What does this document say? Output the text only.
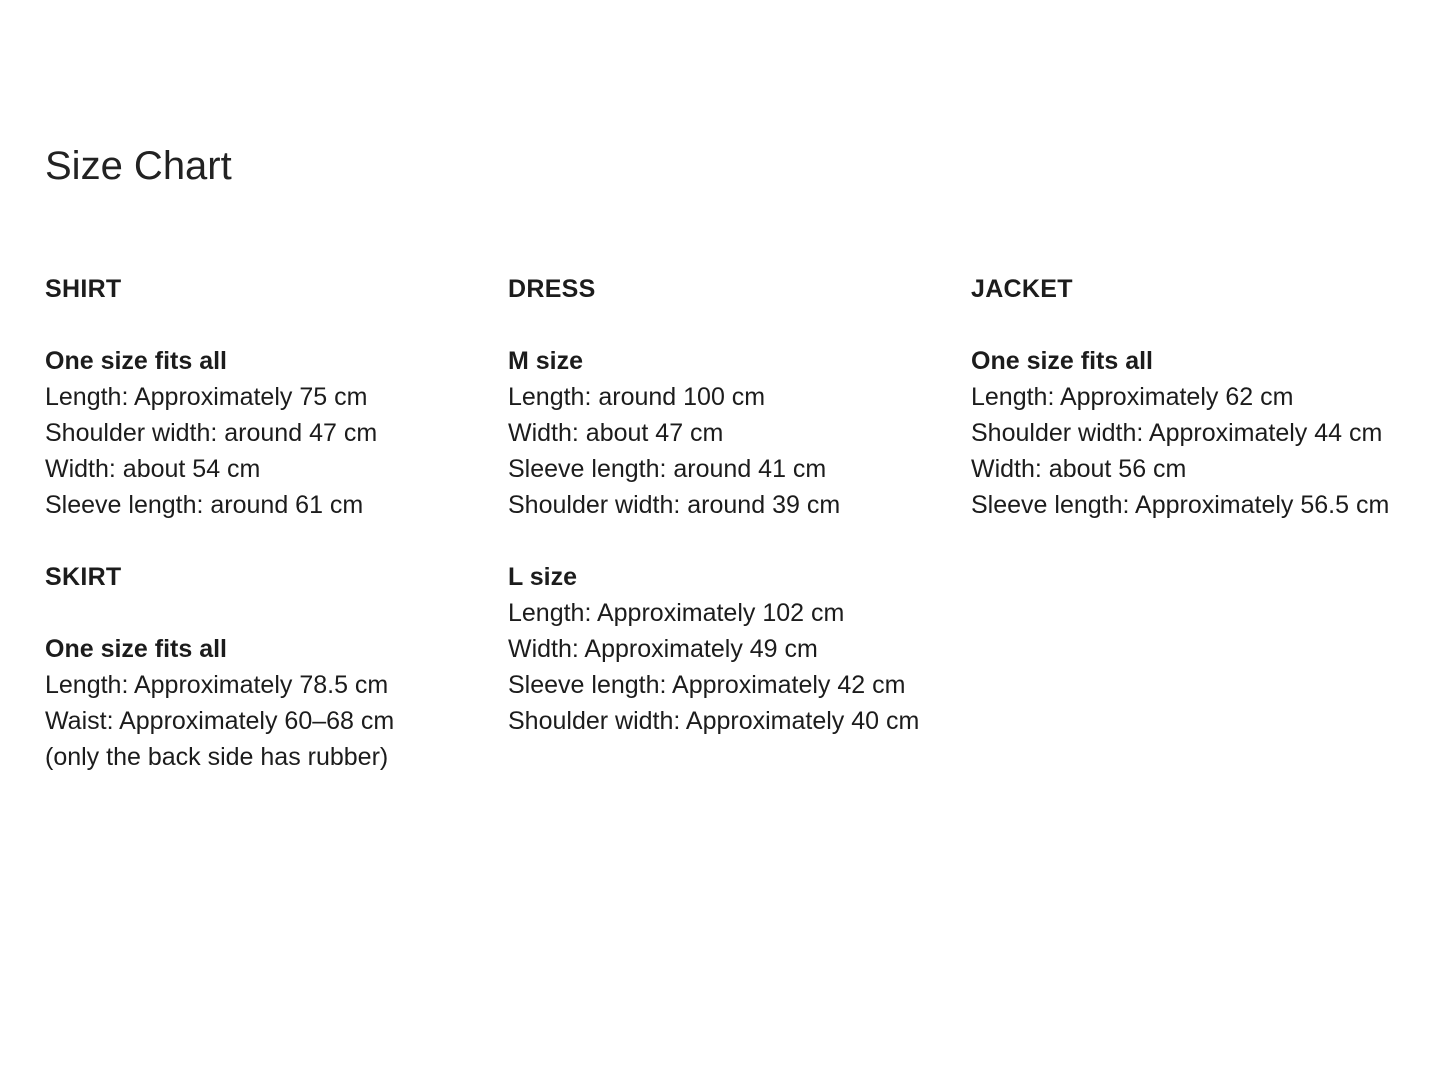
Size Chart
SHIRT
One size fits all
Length: Approximately 75 cm
Shoulder width: around 47 cm
Width: about 54 cm
Sleeve length: around 61 cm
SKIRT
One size fits all
Length: Approximately 78.5 cm
Waist: Approximately 60–68 cm
(only the back side has rubber)
DRESS
M size
Length: around 100 cm
Width: about 47 cm
Sleeve length: around 41 cm
Shoulder width: around 39 cm
L size
Length: Approximately 102 cm
Width: Approximately 49 cm
Sleeve length: Approximately 42 cm
Shoulder width: Approximately 40 cm
JACKET
One size fits all
Length: Approximately 62 cm
Shoulder width: Approximately 44 cm
Width: about 56 cm
Sleeve length: Approximately 56.5 cm
